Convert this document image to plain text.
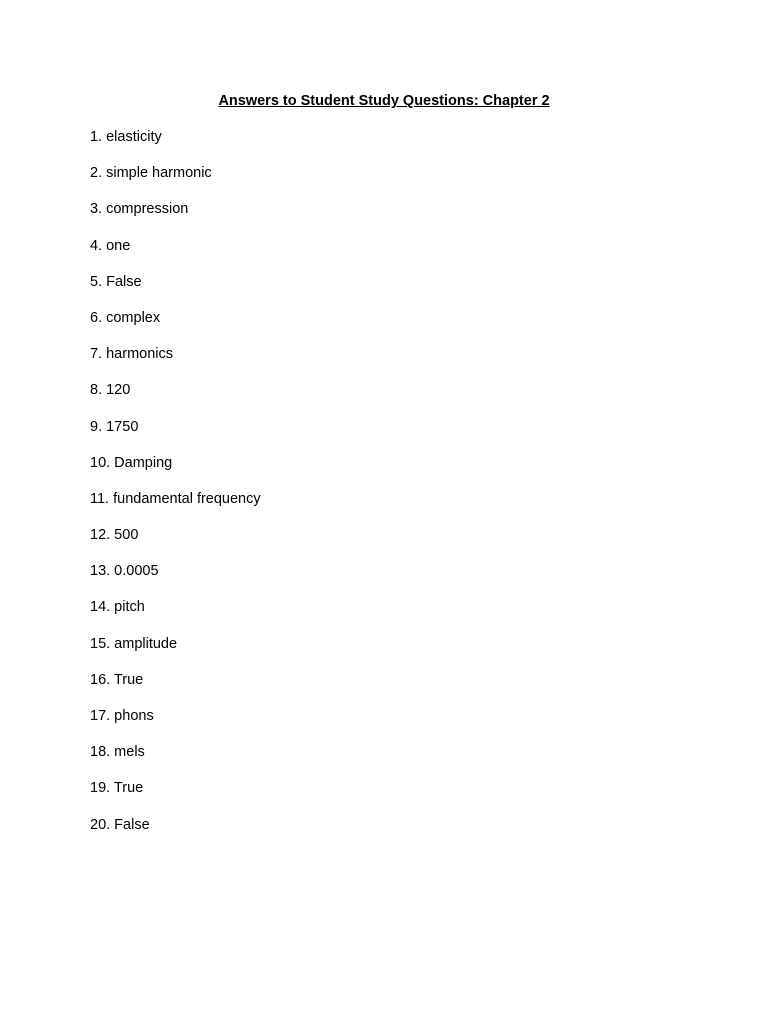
Answers to Student Study Questions: Chapter 2
1. elasticity
2. simple harmonic
3. compression
4. one
5. False
6. complex
7. harmonics
8. 120
9. 1750
10. Damping
11. fundamental frequency
12. 500
13. 0.0005
14. pitch
15. amplitude
16. True
17. phons
18. mels
19. True
20. False
